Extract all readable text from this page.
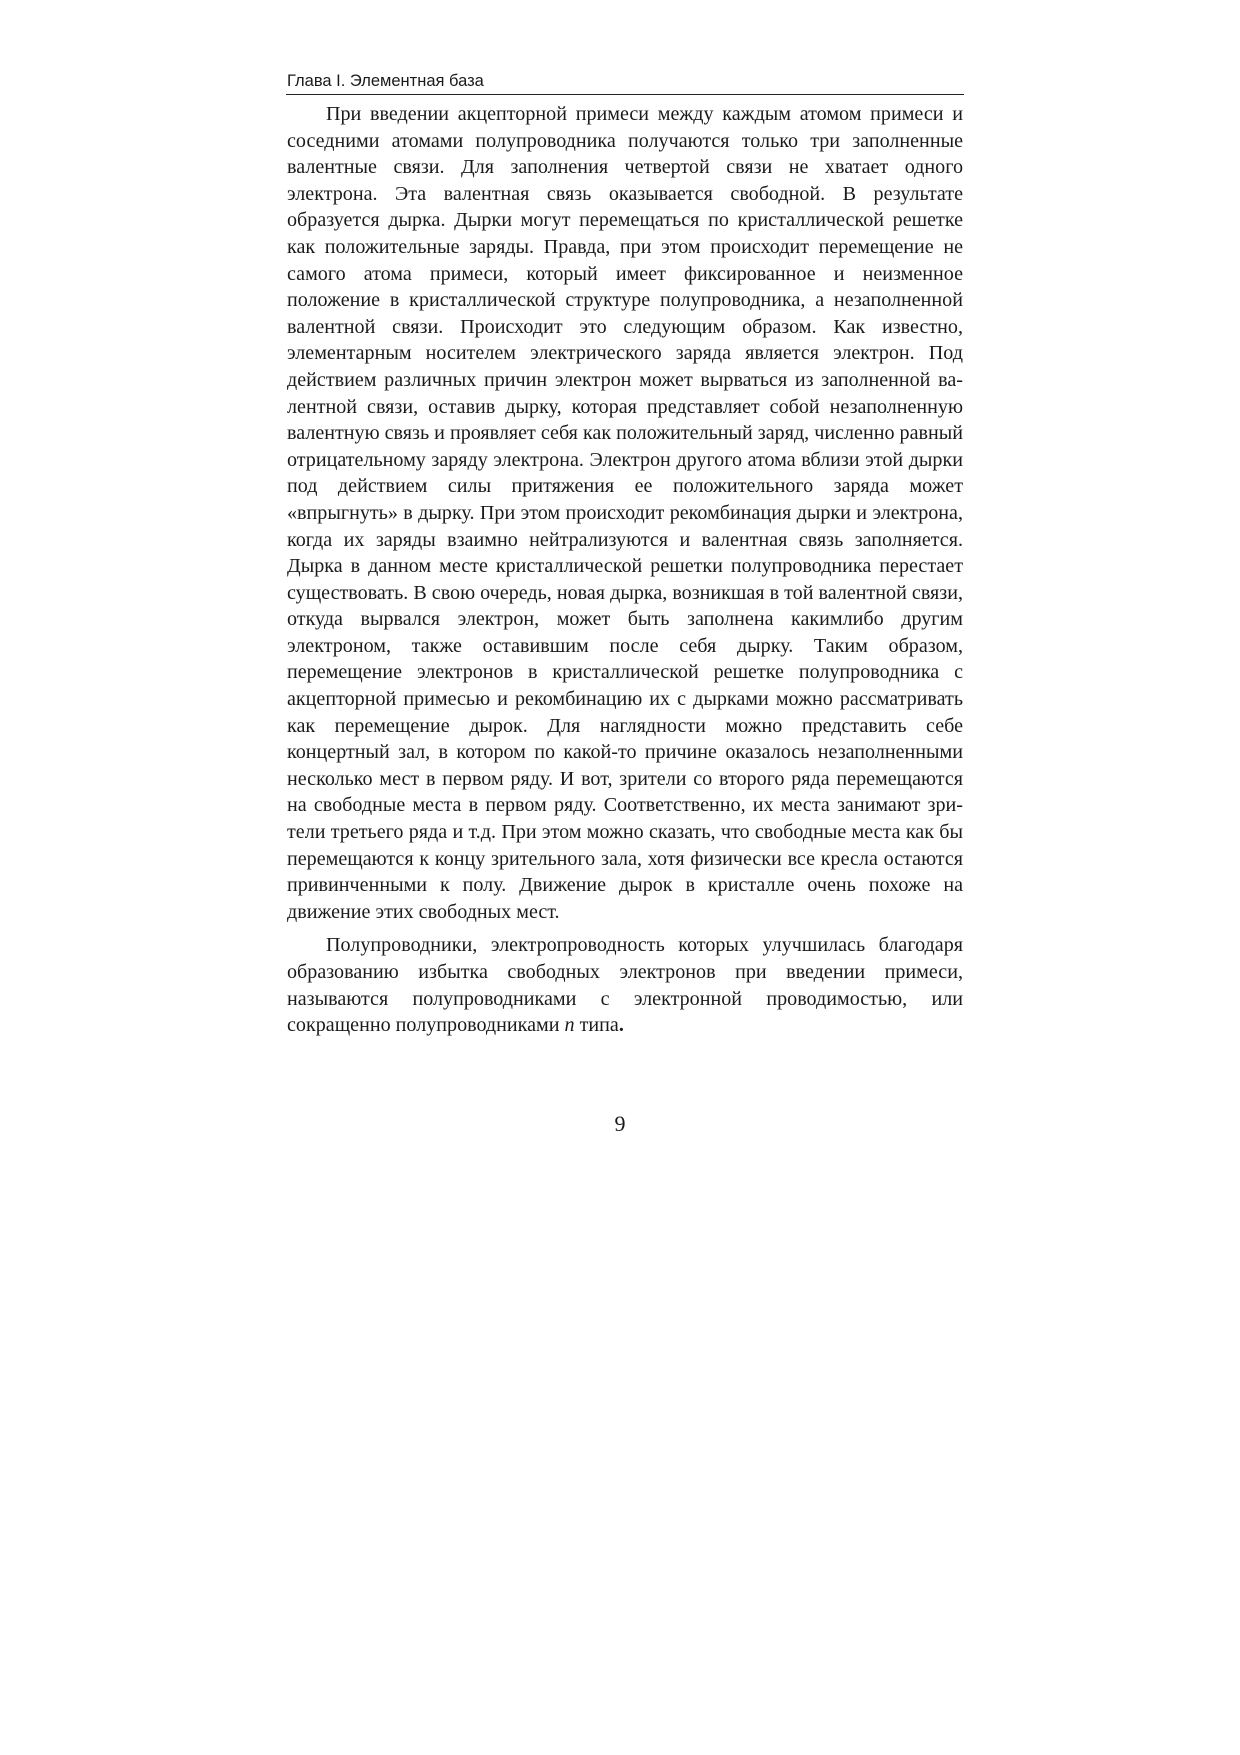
Глава I. Элементная база

При введении акцепторной примеси между каждым атомом примеси и соседними атомами полупроводника получаются только три заполненные валентные связи. Для заполнения четвертой связи не хватает одного электрона. Эта валентная связь оказывается свободной. В результате образуется дырка. Дырки могут перемещаться по кристаллической решетке как положительные заряды. Правда, при этом происходит перемещение не самого атома примеси, который имеет фиксированное и неизменное положение в кристаллической структуре полупроводника, а незаполненной валентной связи. Происходит это следующим образом. Как известно, элементарным носителем электрического заряда является электрон. Под действием различных причин электрон может вырваться из заполненной валентной связи, оставив дырку, которая представляет собой незаполненную валентную связь и проявляет себя как положительный заряд, численно равный отрицательному заряду электрона. Электрон другого атома вблизи этой дырки под действием силы притяжения ее положительного заряда может «впрыгнуть» в дырку. При этом происходит рекомбинация дырки и электрона, когда их заряды взаимно нейтрализуются и валентная связь заполняется. Дырка в данном месте кристаллической решетки полупроводника перестает существовать. В свою очередь, новая дырка, возникшая в той валентной связи, откуда вырвался электрон, может быть заполнена какимлибо другим электроном, также оставившим после себя дырку. Таким образом, перемещение электронов в кристаллической решетке полупроводника с акцепторной примесью и рекомбинацию их с дырками можно рассматривать как перемещение дырок. Для наглядности можно представить себе концертный зал, в котором по какой-то причине оказалось незаполненными несколько мест в первом ряду. И вот, зрители со второго ряда перемещаются на свободные места в первом ряду. Соответственно, их места занимают зрители третьего ряда и т.д. При этом можно сказать, что свободные места как бы перемещаются к концу зрительного зала, хотя физически все кресла остаются привинченными к полу. Движение дырок в кристалле очень похоже на движение этих свободных мест.

Полупроводники, электропроводность которых улучшилась благодаря образованию избытка свободных электронов при введении примеси, называются полупроводниками с электронной проводимостью, или сокращенно полупроводниками n типа.

9
